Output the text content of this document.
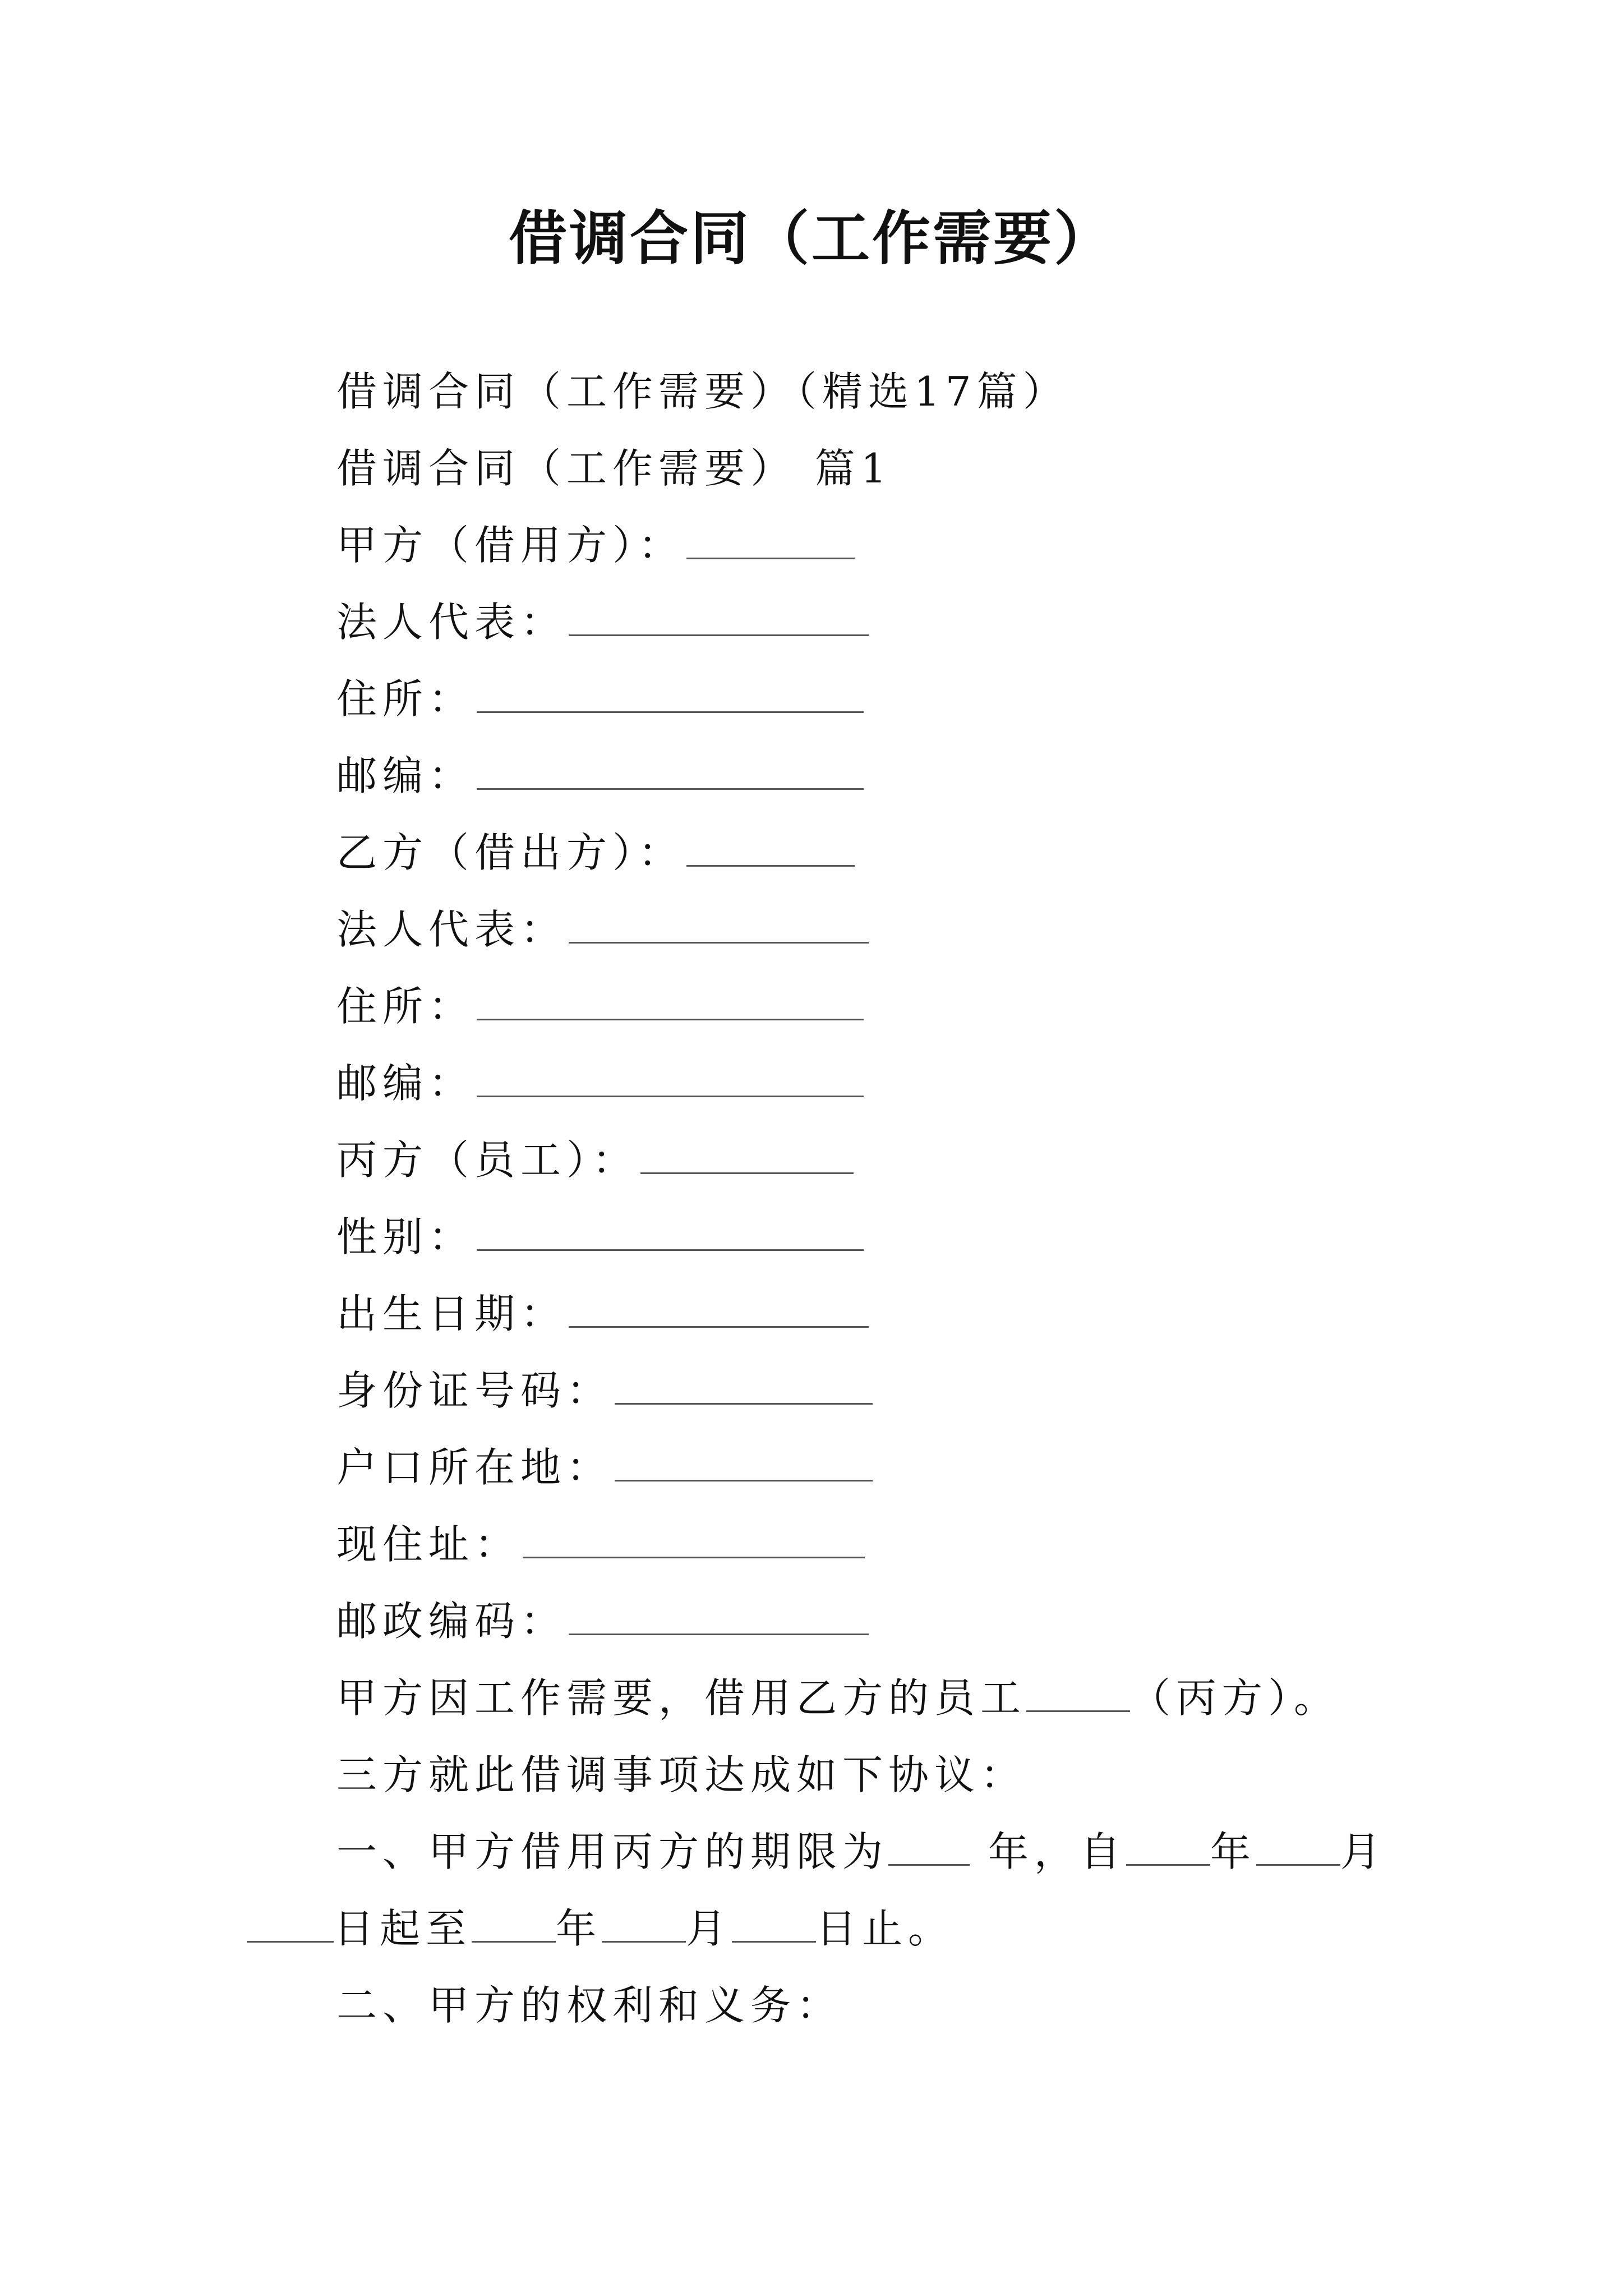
借调合同（工作需要）
借调合同（工作需要）（精选17篇）
借调合同（工作需要） 篇1
甲方（借用方）：
法人代表：
住所：
邮编：
乙方（借出方）：
法人代表：
住所：
邮编：
丙方（员工）：
性别：
出生日期：
身份证号码：
户口所在地：
现住址：
邮政编码：
甲方因工作需要，借用乙方的员工	（丙方）。
三方就此借调事项达成如下协议：
一、甲方借用丙方的期限为 年，自 年 月
日起至 年 月 日止。
二、甲方的权利和义务：
